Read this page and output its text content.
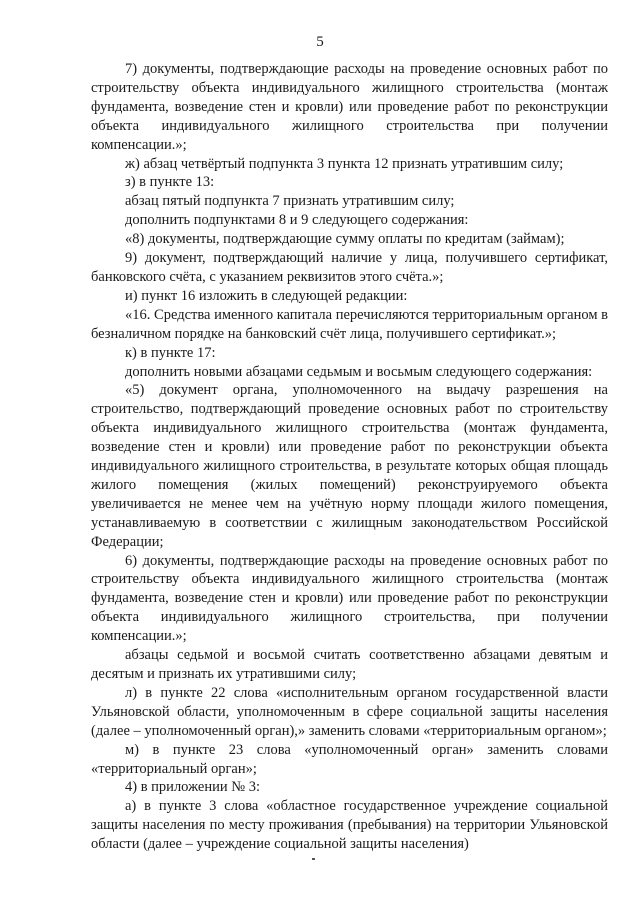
5

7) документы, подтверждающие расходы на проведение основных работ по строительству объекта индивидуального жилищного строительства (монтаж фундамента, возведение стен и кровли) или проведение работ по реконструкции объекта индивидуального жилищного строительства при получении компенсации.»;

ж) абзац четвёртый подпункта 3 пункта 12 признать утратившим силу;

з) в пункте 13:

абзац пятый подпункта 7 признать утратившим силу;

дополнить подпунктами 8 и 9 следующего содержания:

«8) документы, подтверждающие сумму оплаты по кредитам (займам);

9) документ, подтверждающий наличие у лица, получившего сертификат, банковского счёта, с указанием реквизитов этого счёта.»;

и) пункт 16 изложить в следующей редакции:

«16. Средства именного капитала перечисляются территориальным органом в безналичном порядке на банковский счёт лица, получившего сертификат.»;

к) в пункте 17:

дополнить новыми абзацами седьмым и восьмым следующего содержания:

«5) документ органа, уполномоченного на выдачу разрешения на строительство, подтверждающий проведение основных работ по строительству объекта индивидуального жилищного строительства (монтаж фундамента, возведение стен и кровли) или проведение работ по реконструкции объекта индивидуального жилищного строительства, в результате которых общая площадь жилого помещения (жилых помещений) реконструируемого объекта увеличивается не менее чем на учётную норму площади жилого помещения, устанавливаемую в соответствии с жилищным законодательством Российской Федерации;

6) документы, подтверждающие расходы на проведение основных работ по строительству объекта индивидуального жилищного строительства (монтаж фундамента, возведение стен и кровли) или проведение работ по реконструкции объекта индивидуального жилищного строительства, при получении компенсации.»;

абзацы седьмой и восьмой считать соответственно абзацами девятым и десятым и признать их утратившими силу;

л) в пункте 22 слова «исполнительным органом государственной власти Ульяновской области, уполномоченным в сфере социальной защиты населения (далее – уполномоченный орган),» заменить словами «территориальным органом»;

м) в пункте 23 слова «уполномоченный орган» заменить словами «территориальный орган»;

4) в приложении № 3:

а) в пункте 3 слова «областное государственное учреждение социальной защиты населения по месту проживания (пребывания) на территории Ульяновской области (далее – учреждение социальной защиты населения)
